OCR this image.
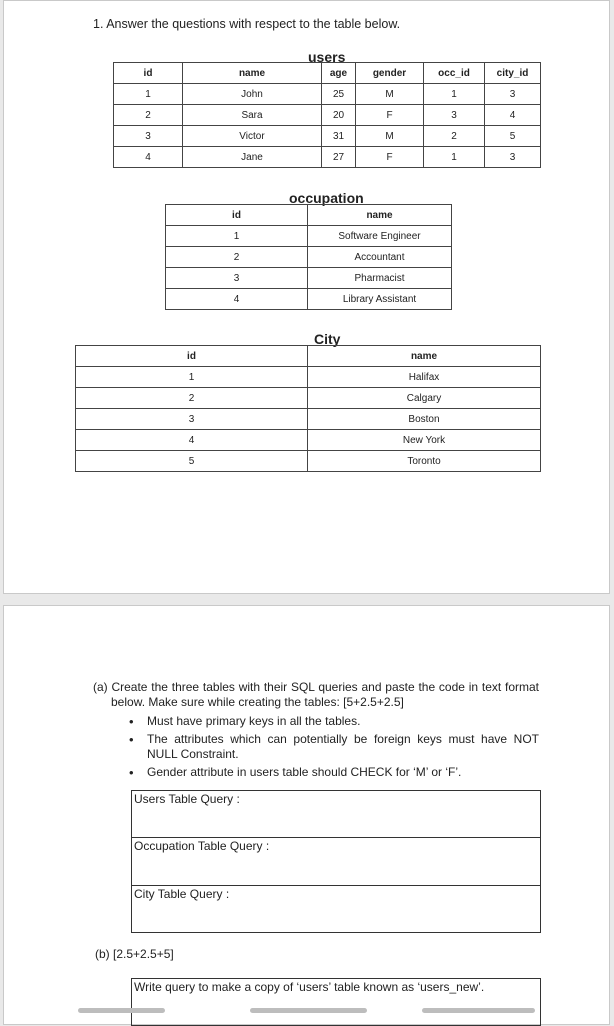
1. Answer the questions with respect to the table below.
users
id	name	age	gender	occ_id	city_id
1	John	25	M	1	3
2	Sara	20	F	3	4
3	Victor	31	M	2	5
4	Jane	27	F	1	3
occupation
id	name
1	Software Engineer
2	Accountant
3	Pharmacist
4	Library Assistant
City
id	name
1	Halifax
2	Calgary
3	Boston
4	New York
5	Toronto
(a) Create the three tables with their SQL queries and paste the code in text format below. Make sure while creating the tables: [5+2.5+2.5]
• Must have primary keys in all the tables.
• The attributes which can potentially be foreign keys must have NOT NULL Constraint.
• Gender attribute in users table should CHECK for ‘M’ or ‘F’.
Users Table Query :
Occupation Table Query :
City Table Query :
(b) [2.5+2.5+5]
Write query to make a copy of ‘users’ table known as ‘users_new’.
